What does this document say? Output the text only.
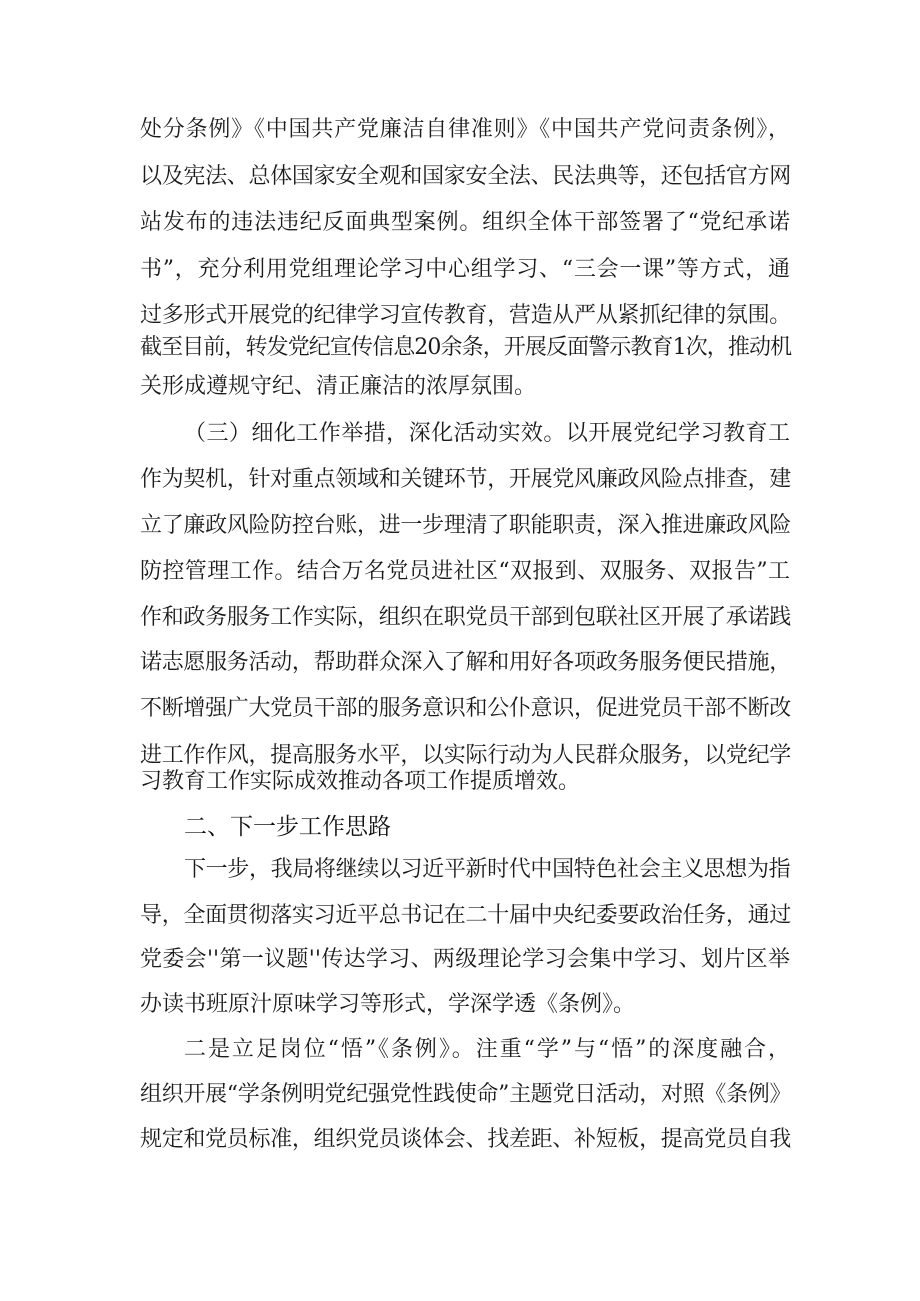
处分条例》《中国共产党廉洁自律准则》《中国共产党问责条例》，
以及宪法、总体国家安全观和国家安全法、民法典等，还包括官方网
站发布的违法违纪反面典型案例。组织全体干部签署了“党纪承诺
书”，充分利用党组理论学习中心组学习、“三会一课”等方式，通
过多形式开展党的纪律学习宣传教育，营造从严从紧抓纪律的氛围。
截至目前，转发党纪宣传信息20余条，开展反面警示教育1次，推动机
关形成遵规守纪、清正廉洁的浓厚氛围。
（三）细化工作举措，深化活动实效。以开展党纪学习教育工
作为契机，针对重点领域和关键环节，开展党风廉政风险点排查，建
立了廉政风险防控台账，进一步理清了职能职责，深入推进廉政风险
防控管理工作。结合万名党员进社区“双报到、双服务、双报告”工
作和政务服务工作实际，组织在职党员干部到包联社区开展了承诺践
诺志愿服务活动，帮助群众深入了解和用好各项政务服务便民措施，
不断增强广大党员干部的服务意识和公仆意识，促进党员干部不断改
进工作作风，提高服务水平，以实际行动为人民群众服务，以党纪学
习教育工作实际成效推动各项工作提质增效。
二、下一步工作思路
下一步，我局将继续以习近平新时代中国特色社会主义思想为指
导，全面贯彻落实习近平总书记在二十届中央纪委要政治任务，通过
党委会''第一议题''传达学习、两级理论学习会集中学习、划片区举
办读书班原汁原味学习等形式，学深学透《条例》。
二是立足岗位“悟”《条例》。注重“学”与“悟”的深度融合，
组织开展“学条例明党纪强党性践使命”主题党日活动，对照《条例》
规定和党员标准，组织党员谈体会、找差距、补短板，提高党员自我
